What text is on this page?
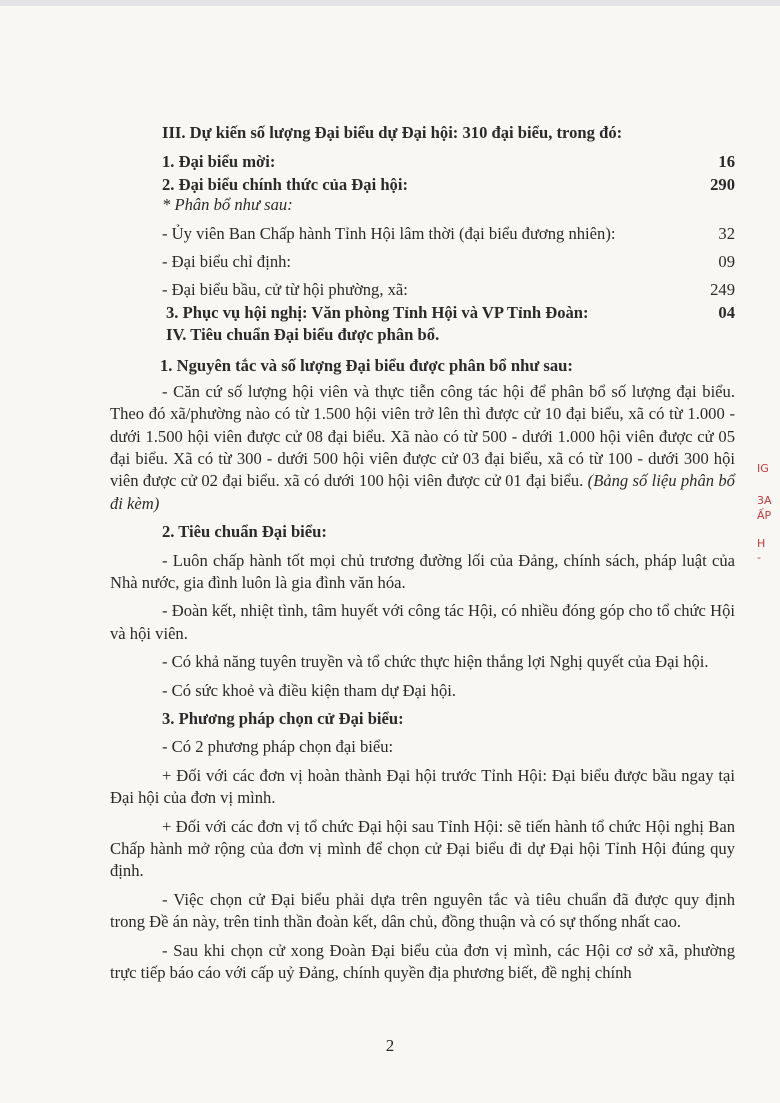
III. Dự kiến số lượng Đại biểu dự Đại hội: 310 đại biểu, trong đó:

1. Đại biểu mời:	16
2. Đại biểu chính thức của Đại hội:	290

* Phân bổ như sau:

- Ủy viên Ban Chấp hành Tỉnh Hội lâm thời (đại biểu đương nhiên):	32
- Đại biểu chỉ định:	09
- Đại biểu bầu, cử từ hội phường, xã:	249
3. Phục vụ hội nghị: Văn phòng Tỉnh Hội và VP Tỉnh Đoàn:	04

IV. Tiêu chuẩn Đại biểu được phân bổ.

1. Nguyên tắc và số lượng Đại biểu được phân bổ như sau:

- Căn cứ số lượng hội viên và thực tiễn công tác hội để phân bổ số lượng đại biểu. Theo đó xã/phường nào có từ 1.500 hội viên trở lên thì được cử 10 đại biểu, xã có từ 1.000 - dưới 1.500 hội viên được cử 08 đại biểu. Xã nào có từ 500 - dưới 1.000 hội viên được cử 05 đại biểu. Xã có từ 300 - dưới 500 hội viên được cử 03 đại biểu, xã có từ 100 - dưới 300 hội viên được cử 02 đại biểu. xã có dưới 100 hội viên được cử 01 đại biểu. (Bảng số liệu phân bổ đi kèm)

2. Tiêu chuẩn Đại biểu:

- Luôn chấp hành tốt mọi chủ trương đường lối của Đảng, chính sách, pháp luật của Nhà nước, gia đình luôn là gia đình văn hóa.

- Đoàn kết, nhiệt tình, tâm huyết với công tác Hội, có nhiều đóng góp cho tổ chức Hội và hội viên.

- Có khả năng tuyên truyền và tổ chức thực hiện thắng lợi Nghị quyết của Đại hội.

- Có sức khoẻ và điều kiện tham dự Đại hội.

3. Phương pháp chọn cử Đại biểu:

- Có 2 phương pháp chọn đại biểu:

+ Đối với các đơn vị hoàn thành Đại hội trước Tỉnh Hội: Đại biểu được bầu ngay tại Đại hội của đơn vị mình.

+ Đối với các đơn vị tổ chức Đại hội sau Tỉnh Hội: sẽ tiến hành tổ chức Hội nghị Ban Chấp hành mở rộng của đơn vị mình để chọn cử Đại biểu đi dự Đại hội Tỉnh Hội đúng quy định.

- Việc chọn cử Đại biểu phải dựa trên nguyên tắc và tiêu chuẩn đã được quy định trong Đề án này, trên tinh thần đoàn kết, dân chủ, đồng thuận và có sự thống nhất cao.

- Sau khi chọn cử xong Đoàn Đại biểu của đơn vị mình, các Hội cơ sở xã, phường trực tiếp báo cáo với cấp uỷ Đảng, chính quyền địa phương biết, đề nghị chính

IG
3A
ẤP
H
-
2
